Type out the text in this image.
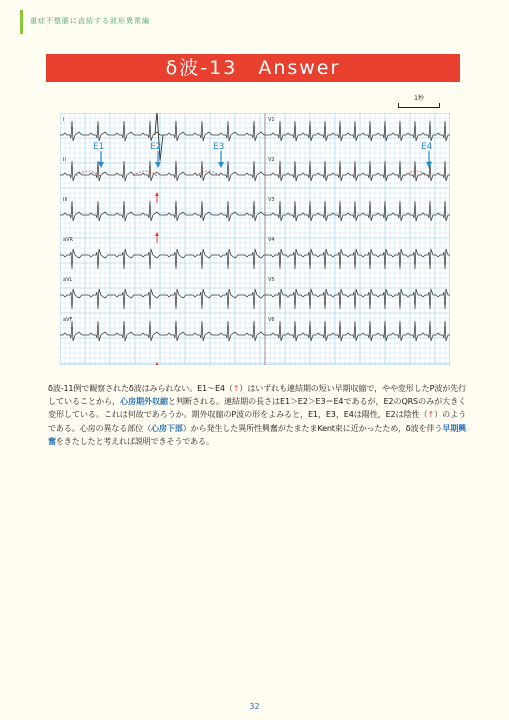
重症不整脈に直結する波形異常編
δ波-13　Answer
1秒
I	V1
II	V2
III	V3
aVR	V4
aVL	V5
aVF	V6
E1	E2	E3	E4
δ波-11例で観察されたδ波はみられない。E1～E4（↑）はいずれも連結期の短い早期収縮で，やや変形したP波が先行していることから，心房期外収縮と判断される。連結期の長さはE1＞E2＞E3＝E4であるが，E2のQRSのみが大きく変形している。これは何故であろうか。期外収縮のP波の形をよみると，E1，E3，E4は陽性，E2は陰性（↑）のようである。心房の異なる部位（心房下部）から発生した異所性興奮がたまたまKent束に近かったため，δ波を伴う早期興奮をきたしたと考えれば説明できそうである。
32
